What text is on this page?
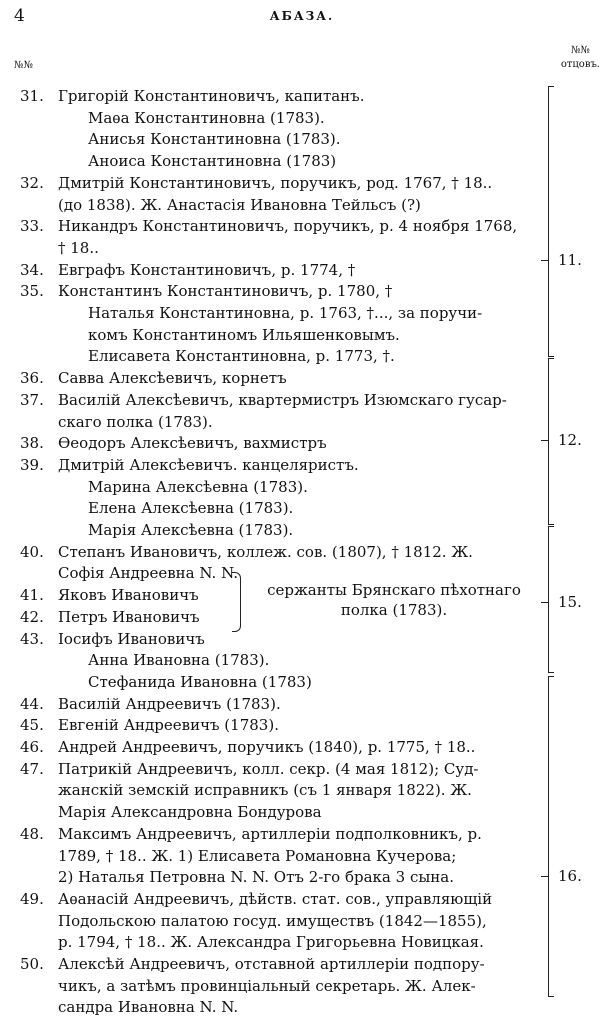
4	АБАЗА.
№№
№№
отцовъ.
31. Григорій Константиновичъ, капитанъ.
Маѳа Константиновна (1783).
Анисья Константиновна (1783).
Аноиса Константиновна (1783)
32. Дмитрій Константиновичъ, поручикъ, род. 1767, † 18..
(до 1838). Ж. Анастасія Ивановна Тейльсъ (?)
33. Никандръ Константиновичъ, поручикъ, р. 4 ноября 1768,
† 18..
34. Евграфъ Константиновичъ, р. 1774, †
35. Константинъ Константиновичъ, р. 1780, †
Наталья Константиновна, р. 1763, †..., за поручи-
комъ Константиномъ Ильяшенковымъ.
Елисавета Константиновна, р. 1773, †.
36. Савва Алексѣевичъ, корнетъ
37. Василій Алексѣевичъ, квартермистръ Изюмскаго гусар-
скаго полка (1783).
38. Ѳеодоръ Алексѣевичъ, вахмистръ
39. Дмитрій Алексѣевичъ. канцеляристъ.
Марина Алексѣевна (1783).
Елена Алексѣевна (1783).
Марія Алексѣевна (1783).
40. Степанъ Ивановичъ, коллеж. сов. (1807), † 1812. Ж.
Софія Андреевна N. N.
41. Яковъ Ивановичъ
42. Петръ Ивановичъ
43. Іосифъ Ивановичъ
Анна Ивановна (1783).
Стефанида Ивановна (1783)
44. Василій Андреевичъ (1783).
45. Евгеній Андреевичъ (1783).
46. Андрей Андреевичъ, поручикъ (1840), р. 1775, † 18..
47. Патрикій Андреевичъ, колл. секр. (4 мая 1812); Суд-
жанскій земскій исправникъ (съ 1 января 1822). Ж.
Марія Александровна Бондурова
48. Максимъ Андреевичъ, артиллеріи подполковникъ, р.
1789, † 18.. Ж. 1) Елисавета Романовна Кучерова;
2) Наталья Петровна N. N. Отъ 2-го брака 3 сына.
49. Аѳанасій Андреевичъ, дѣйств. стат. сов., управляющій
Подольскою палатою госуд. имуществъ (1842—1855),
р. 1794, † 18.. Ж. Александра Григорьевна Новицкая.
50. Алексѣй Андреевичъ, отставной артиллеріи подпору-
чикъ, а затѣмъ провинціальный секретарь. Ж. Алек-
сандра Ивановна N. N.
сержанты Брянскаго пѣхотнаго
полка (1783).
11.
12.
15.
16.
